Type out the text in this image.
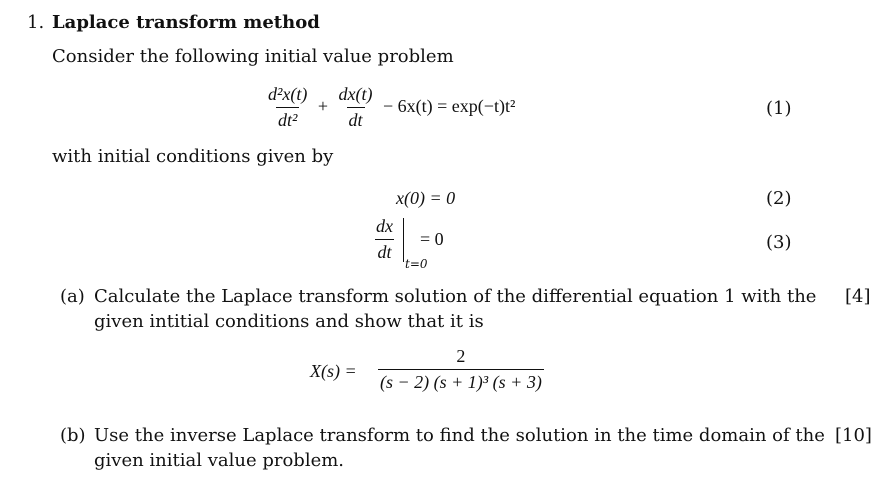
1. Laplace transform method
Consider the following initial value problem
$\frac{\text{d²x(t)}}{\text{dt²}} + \frac{dx(t)}{dt} - 6x(t) = \exp(-t)t^2$	(1)
with initial conditions given by
x(0) = 0	(2)
$\frac{dx}{dt} = 0$
t=0
(3)
(a) Calculate the Laplace transform solution of the differential equation 1 with the
given intitial conditions and show that it is
[4]
$X(s) = \frac{2}{\text{(s − 2) (s + 1)³ (s + 3)}}$
(b) Use the inverse Laplace transform to find the solution in the time domain of the
given initial value problem.
[10]
